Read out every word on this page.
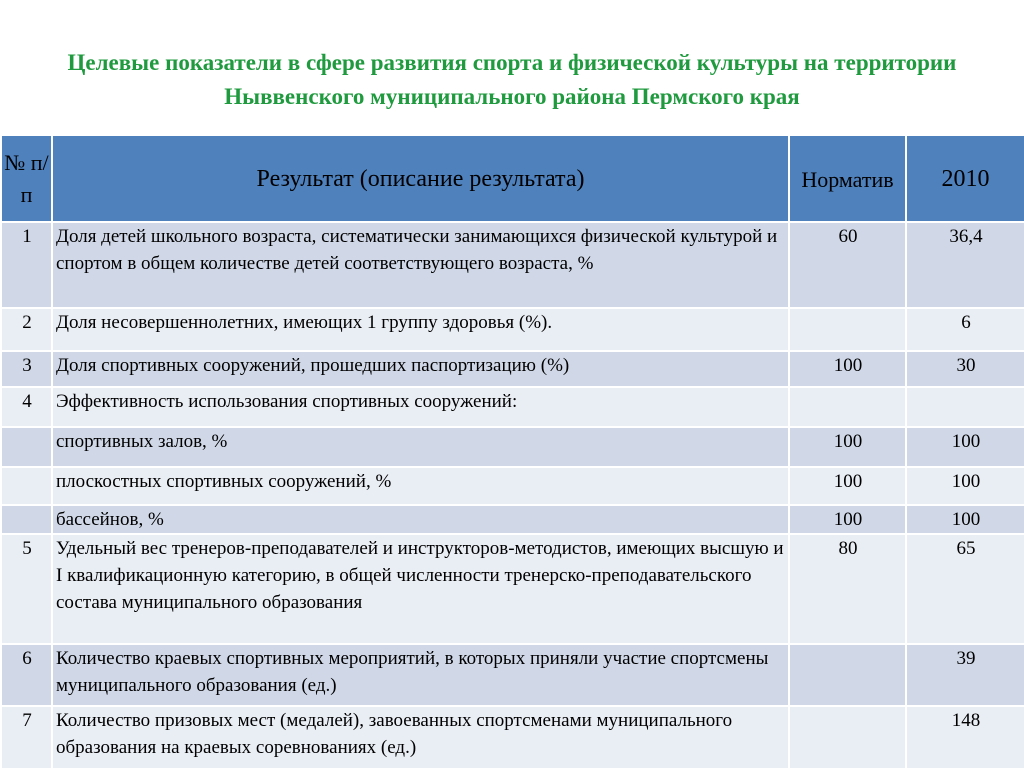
Целевые показатели в сфере развития спорта и физической культуры на территории Ныввенского муниципального района Пермского края
№ п/п	Результат (описание результата)	Норматив	2010
1	Доля детей школьного возраста, систематически занимающихся физической культурой и спортом в общем количестве детей соответствующего возраста, %	60	36,4
2	Доля несовершеннолетних, имеющих 1 группу здоровья (%).		6
3	Доля спортивных сооружений, прошедших паспортизацию (%)	100	30
4	Эффективность использования спортивных сооружений:		
	спортивных залов, %	100	100
	плоскостных спортивных сооружений, %	100	100
	бассейнов, %	100	100
5	Удельный вес тренеров-преподавателей и инструкторов-методистов, имеющих высшую и I квалификационную категорию, в общей численности тренерско-преподавательского состава муниципального образования	80	65
6	Количество краевых спортивных мероприятий, в которых приняли участие спортсмены муниципального образования (ед.)		39
7	Количество призовых мест (медалей), завоеванных спортсменами муниципального образования на краевых соревнованиях (ед.)		148
